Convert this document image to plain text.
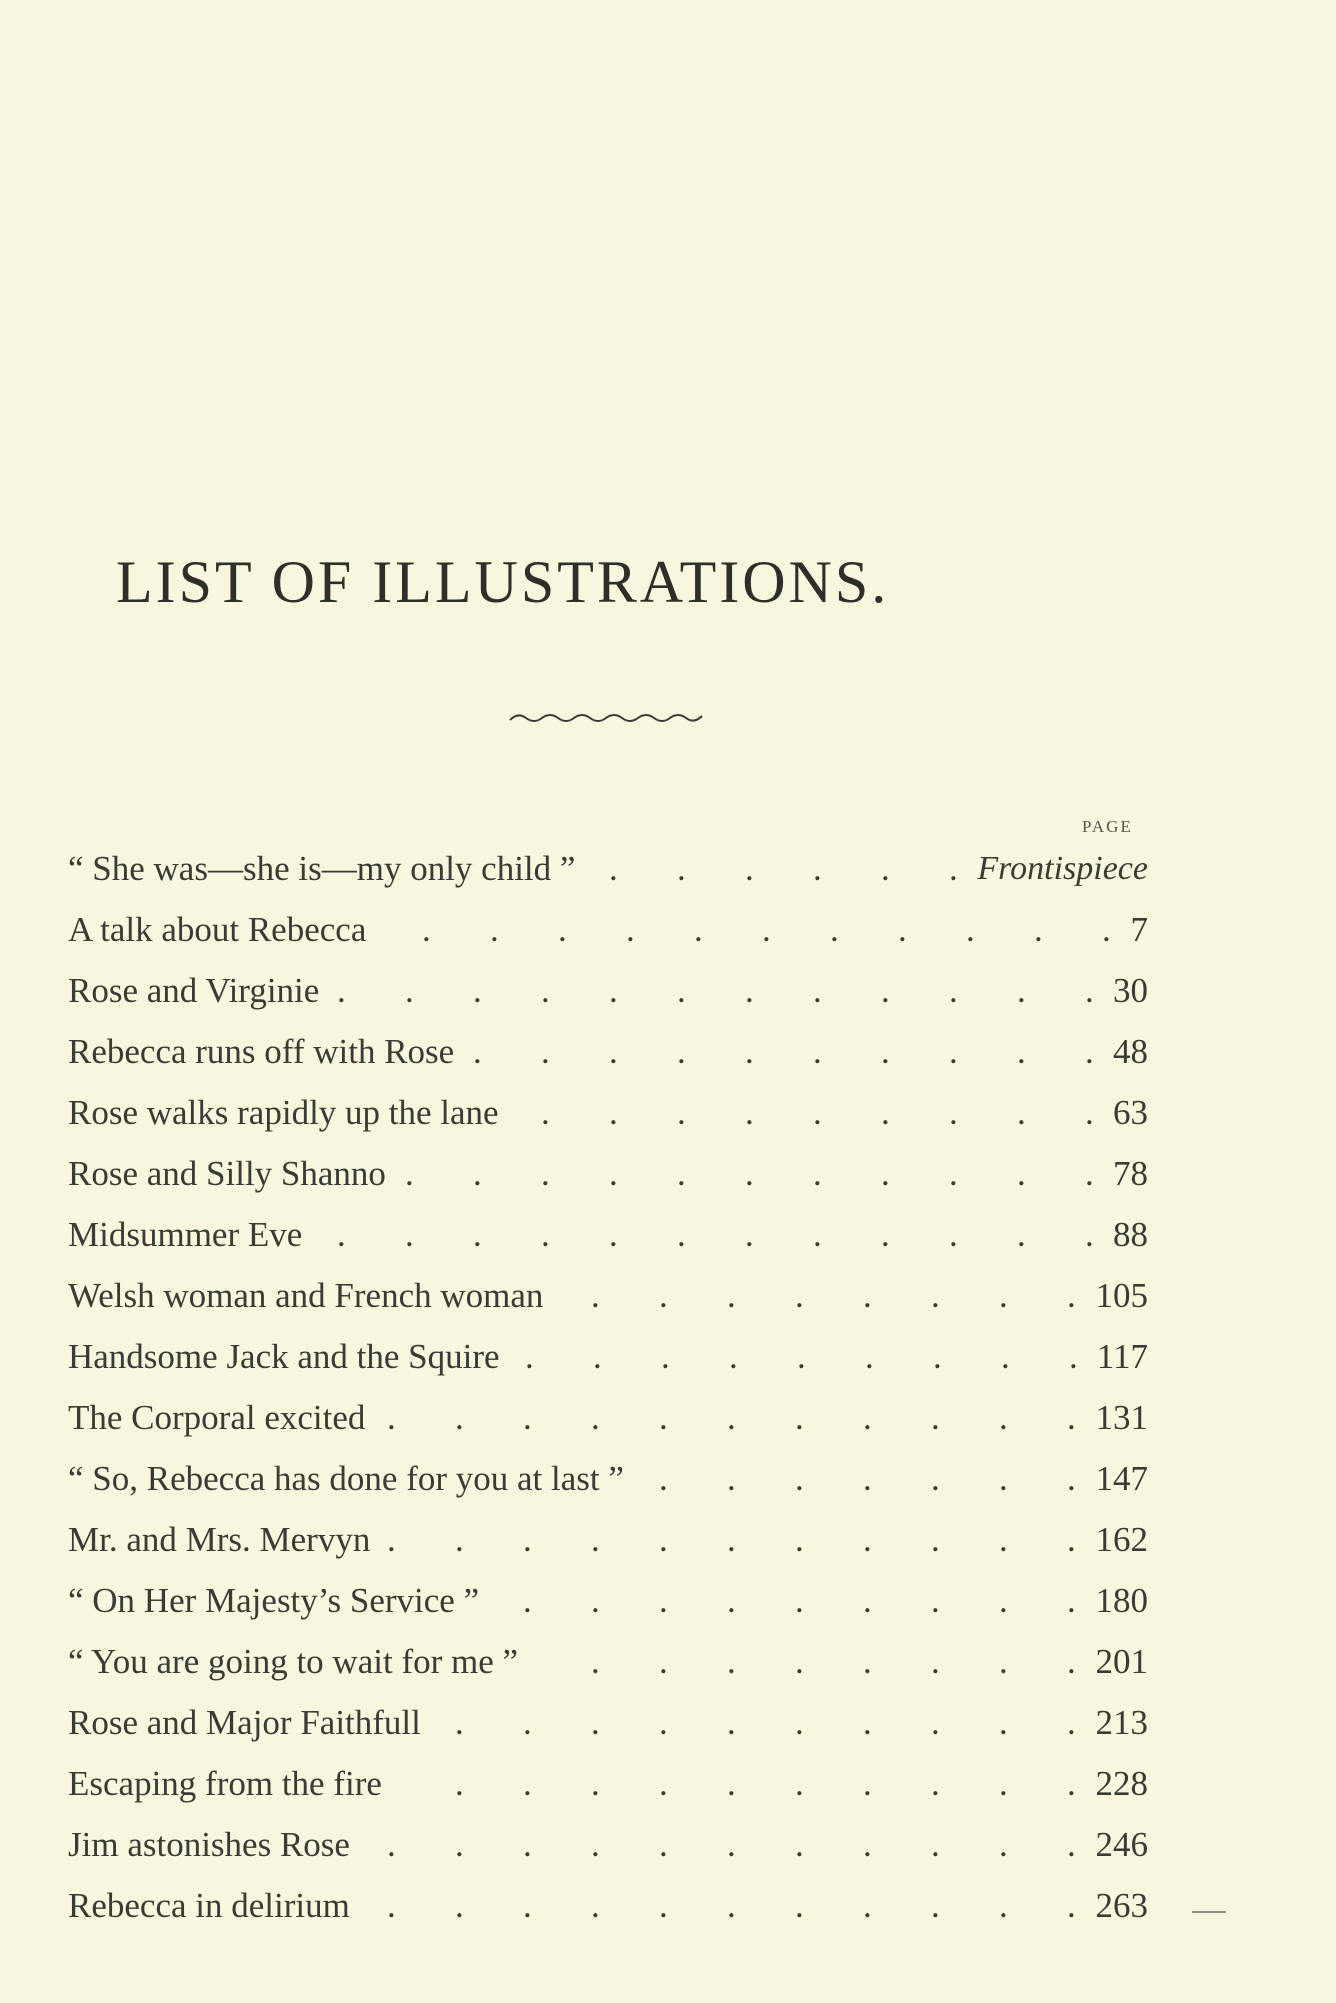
LIST OF ILLUSTRATIONS.
PAGE
“ She was—she is—my only child ”	Frontispiece
.
.
.
.
.
.
A talk about Rebecca	7
.
.
.
.
.
.
.
.
.
.
.
Rose and Virginie	30
.
.
.
.
.
.
.
.
.
.
.
.
Rebecca runs off with Rose	48
.
.
.
.
.
.
.
.
.
.
Rose walks rapidly up the lane	63
.
.
.
.
.
.
.
.
.
Rose and Silly Shanno	78
.
.
.
.
.
.
.
.
.
.
.
Midsummer Eve	88
.
.
.
.
.
.
.
.
.
.
.
.
Welsh woman and French woman	105
.
.
.
.
.
.
.
.
Handsome Jack and the Squire	117
.
.
.
.
.
.
.
.
.
The Corporal excited	131
.
.
.
.
.
.
.
.
.
.
.
“ So, Rebecca has done for you at last ”	147
.
.
.
.
.
.
.
Mr. and Mrs. Mervyn	162
.
.
.
.
.
.
.
.
.
.
.
“ On Her Majesty’s Service ”	180
.
.
.
.
.
.
.
.
.
“ You are going to wait for me ”	201
.
.
.
.
.
.
.
.
Rose and Major Faithfull	213
.
.
.
.
.
.
.
.
.
.
Escaping from the fire	228
.
.
.
.
.
.
.
.
.
.
Jim astonishes Rose	246
.
.
.
.
.
.
.
.
.
.
.
Rebecca in delirium	263
.
.
.
.
.
.
.
.
.
.
.
